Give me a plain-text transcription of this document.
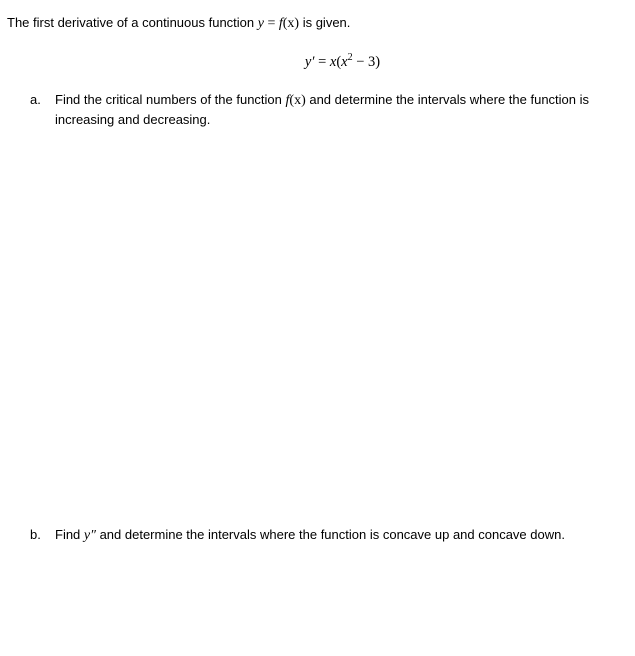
The first derivative of a continuous function y = f(x) is given.
$y' = x(x^2 - 3)$
a.	Find the critical numbers of the function f(x) and determine the intervals where the function is increasing and decreasing.
b.	Find y″ and determine the intervals where the function is concave up and concave down.
